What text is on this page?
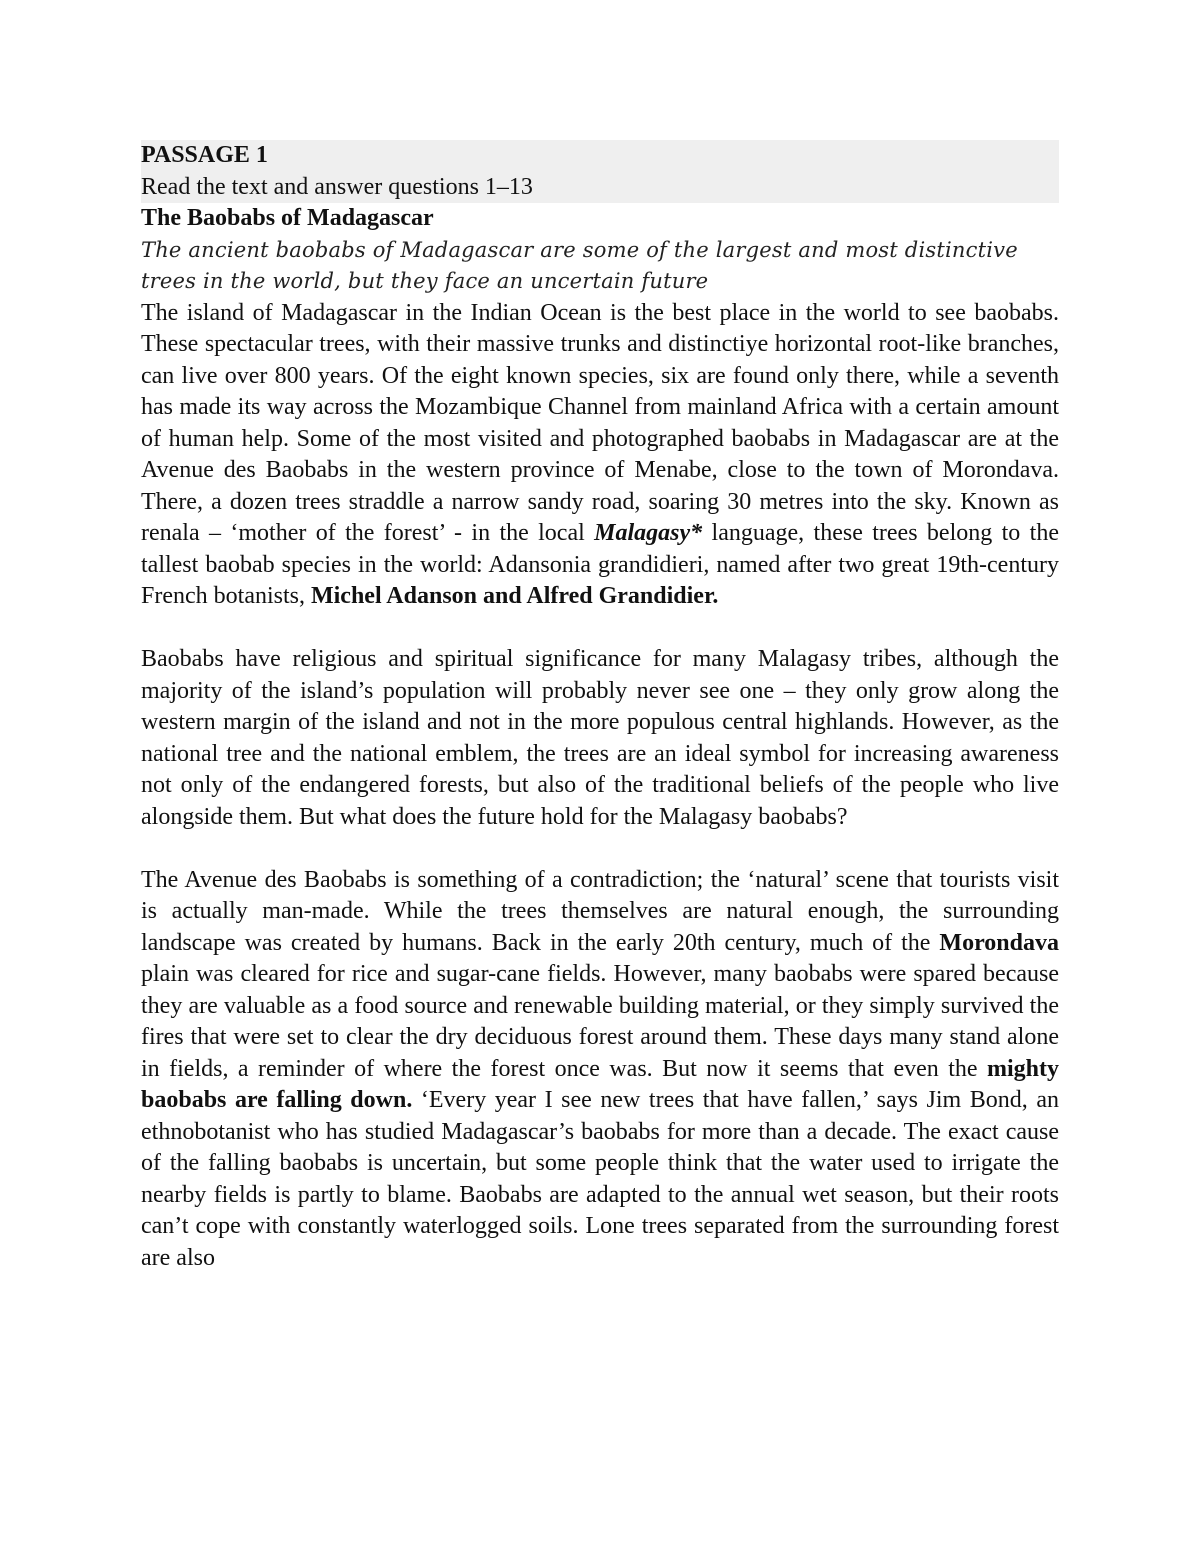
PASSAGE 1
Read the text and answer questions 1–13
The Baobabs of Madagascar
The ancient baobabs of Madagascar are some of the largest and most distinctive trees in the world, but they face an uncertain future

The island of Madagascar in the Indian Ocean is the best place in the world to see baobabs. These spectacular trees, with their massive trunks and distinctiye horizontal root-like branches, can live over 800 years. Of the eight known species, six are found only there, while a seventh has made its way across the Mozambique Channel from mainland Africa with a certain amount of human help. Some of the most visited and photographed baobabs in Madagascar are at the Avenue des Baobabs in the western province of Menabe, close to the town of Morondava. There, a dozen trees straddle a narrow sandy road, soaring 30 metres into the sky. Known as renala – ‘mother of the forest’ - in the local Malagasy* language, these trees belong to the tallest baobab species in the world: Adansonia grandidieri, named after two great 19th-century French botanists, Michel Adanson and Alfred Grandidier.

Baobabs have religious and spiritual significance for many Malagasy tribes, although the majority of the island’s population will probably never see one – they only grow along the western margin of the island and not in the more populous central highlands. However, as the national tree and the national emblem, the trees are an ideal symbol for increasing awareness not only of the endangered forests, but also of the traditional beliefs of the people who live alongside them. But what does the future hold for the Malagasy baobabs?

The Avenue des Baobabs is something of a contradiction; the ‘natural’ scene that tourists visit is actually man-made. While the trees themselves are natural enough, the surrounding landscape was created by humans. Back in the early 20th century, much of the Morondava plain was cleared for rice and sugar-cane fields. However, many baobabs were spared because they are valuable as a food source and renewable building material, or they simply survived the fires that were set to clear the dry deciduous forest around them. These days many stand alone in fields, a reminder of where the forest once was. But now it seems that even the mighty baobabs are falling down. ‘Every year I see new trees that have fallen,’ says Jim Bond, an ethnobotanist who has studied Madagascar’s baobabs for more than a decade. The exact cause of the falling baobabs is uncertain, but some people think that the water used to irrigate the nearby fields is partly to blame. Baobabs are adapted to the annual wet season, but their roots can’t cope with constantly waterlogged soils. Lone trees separated from the surrounding forest are also
